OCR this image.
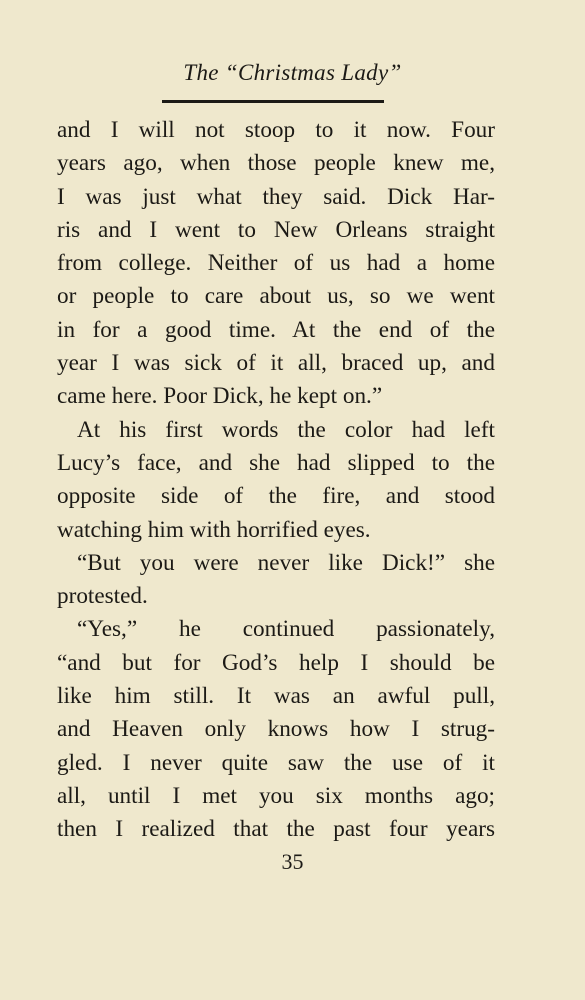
The “Christmas Lady”
and I will not stoop to it now. Four
years ago, when those people knew me,
I was just what they said. Dick Har-
ris and I went to New Orleans straight
from college. Neither of us had a home
or people to care about us, so we went
in for a good time. At the end of the
year I was sick of it all, braced up, and
came here. Poor Dick, he kept on.”
At his first words the color had left
Lucy’s face, and she had slipped to the
opposite side of the fire, and stood
watching him with horrified eyes.
“But you were never like Dick!” she
protested.
“Yes,” he continued passionately,
“and but for God’s help I should be
like him still. It was an awful pull,
and Heaven only knows how I strug-
gled. I never quite saw the use of it
all, until I met you six months ago;
then I realized that the past four years
35
